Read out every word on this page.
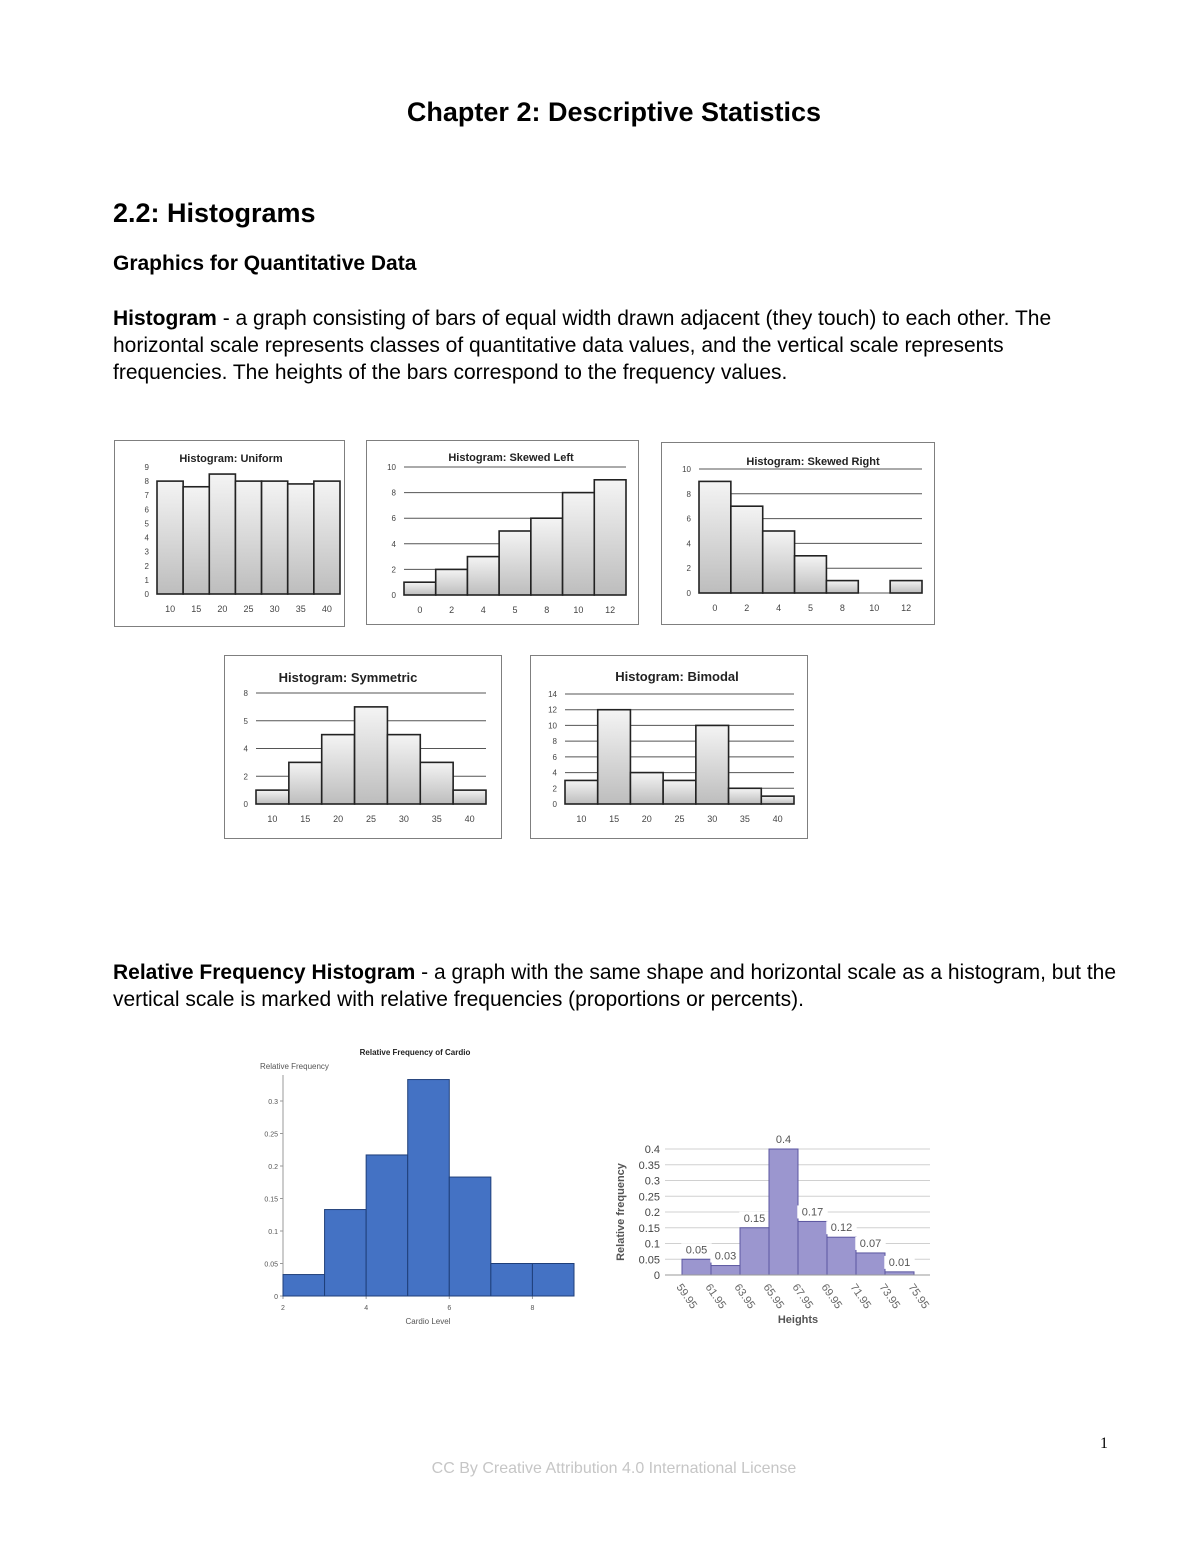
Chapter 2: Descriptive Statistics
2.2: Histograms
Graphics for Quantitative Data
Histogram - a graph consisting of bars of equal width drawn adjacent (they touch) to each other. The horizontal scale represents classes of quantitative data values, and the vertical scale represents frequencies. The heights of the bars correspond to the frequency values.
Histogram: Uniform
0
1
2
3
4
5
6
7
8
9
10 15 20 25 30 35 40
Histogram: Skewed Left
0
2
4
6
8
10
0	2	4	5	8	10 12
Histogram: Skewed Right
0
2
4
6
8
10
0	2	4	5	8	10 12
Histogram: Symmetric
0
2
4
5
8
10	15	20	25	30	35	40
Histogram: Bimodal
0
2
4
6
8
10
12
14
10	15	20	25	30	35	40
Relative Frequency Histogram - a graph with the same shape and horizontal scale as a histogram, but the vertical scale is marked with relative frequencies (proportions or percents).
Relative Frequency of Cardio
Relative Frequency
Cardio Level
0
0.05
0.1
0.15
0.2
0.25
0.3
2	4	6	8
0
0.05
0.1
0.15
0.2
0.25
0.3
0.35
0.4
Relative frequency	0.05
0.03
0.15
0.4
0.17
0.12
0.07
0.01
59.95 61.95 63.95 65.95 67.95 69.95 71.95 73.95 75.95
Heights
1
CC By Creative Attribution 4.0 International License
